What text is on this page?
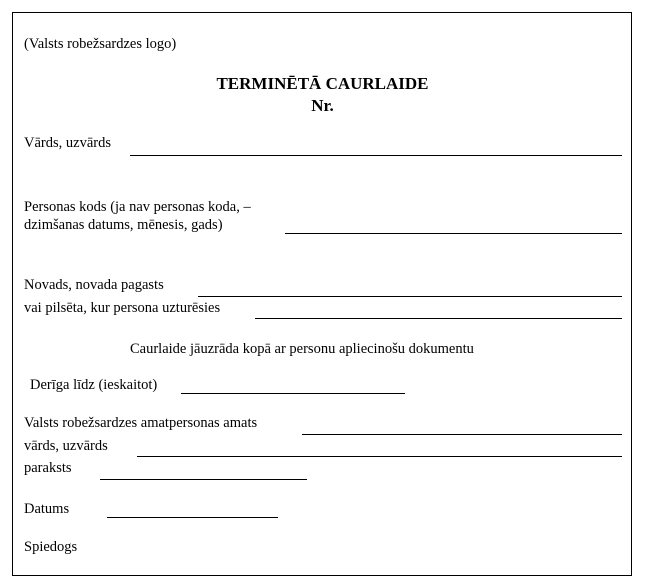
(Valsts robežsardzes logo)
TERMINĒTĀ CAURLAIDE
Nr.
Vārds, uzvārds
Personas kods (ja nav personas koda, –
dzimšanas datums, mēnesis, gads)
Novads, novada pagasts
vai pilsēta, kur persona uzturēsies
Caurlaide jāuzrāda kopā ar personu apliecinošu dokumentu
Derīga līdz (ieskaitot)
Valsts robežsardzes amatpersonas amats
vārds, uzvārds
paraksts
Datums
Spiedogs
